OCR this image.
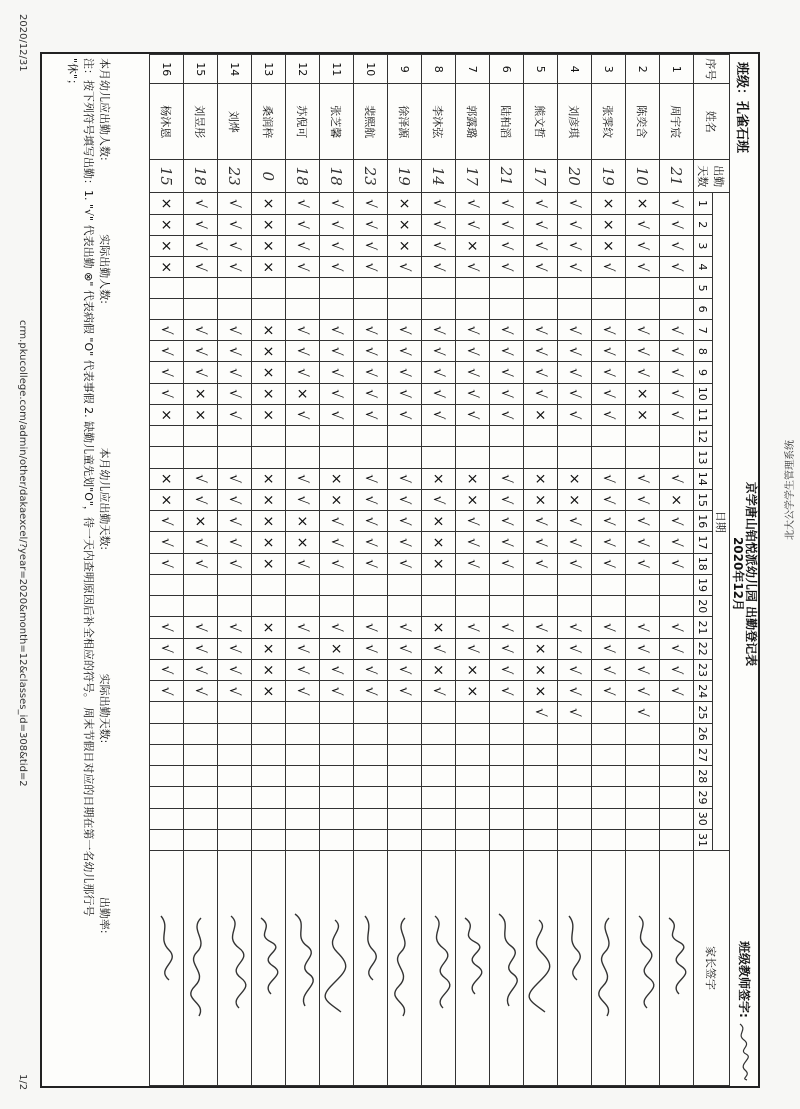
2020/12/31
1/2
crm.pkucollege.com/admin/other/dakaexcel/?year=2020&month=12&classes_id=308&tid=2	北大公学学生管理系统
班级：孔雀石班
京学唐山铂悦派幼儿园 出勤登记表
2020年12月
班级教师签字:
序号	姓名	出勤天数	日期																															家长签字
			1	2	3	4	5	6	7	8	9	10	11	12	13	14	15	16	17	18	19	20	21	22	23	24	25	26	27	28	29	30	31	
1	周宇宸	21	√	√	√	√			√	√	√	√	√			√	×	√	√	√			√	√	√	√								

2	陈奕含	10	×	√	√	√			√	√	√	×	×			√	√	√	√	√			√	√	√	√	√							

3	张霁纹	19	×	×	×	√			√	√	√	√	√			√	√	√	√	√			√	√	√	√								

4	刘彦琪	20	√	√	√	√			√	√	√	√	√			×	×	√	√	√			√	√	√	√	√							

5	熊文哲	17	√	√	√	√			√	√	√	√	×			×	×	√	√	√			√	×	×	×	√							

6	陆柏滔	21	√	√	√	√			√	√	√	√	√			√	√	√	√	√			√	√	√	√								

7	郭露璐	17	√	√	×	√			√	√	√	√	√			×	×	√	√	√			√	√	×	×								

8	李沐弦	14	√	√	√	√			√	√	√	√	√			×	√	×	×	×			×	√	×	√								

9	徐泽源	19	×	×	×	√			√	√	√	√	√			√	√	√	√	√			√	√	√	√								

10	裴熙航	23	√	√	√	√			√	√	√	√	√			√	√	√	√	√			√	√	√	√								

11	张芝馨	18	√	√	√	√			√	√	√	√	√			×	×	√	√	√			√	×	√	√								

12	苏倪可	18	√	√	√	√			√	√	√	×	√			√	√	×	×	√			√	√	√	√								

13	桑润梓	0	×	×	×	×			×	×	×	×	×			×	×	×	×	×			×	×	×	×								

14	刘烨	23	√	√	√	√			√	√	√	√	√			√	√	√	√	√			√	√	√	√								

15	刘昱彤	18	√	√	√	√			√	√	√	×	×			√	√	×	√	√			√	√	√	√								

16	杨沐恩	15	×	×	×	×			√	√	√	√	×			×	×	√	√	√			√	√	√	√								
本月幼儿应出勤人数: 实际出勤人数: 本月幼儿应出勤天数: 实际出勤天数: 出勤率:
注：按下列符号填写出勤：1. "√" 代表出勤 ⊗" 代表病假 "O" 代表事假 2. 缺勤儿童先划"O"，待一天内查明原因后补全相应的符号。 周末节假日对应的日期在第一名幼儿那行号
"休"；
